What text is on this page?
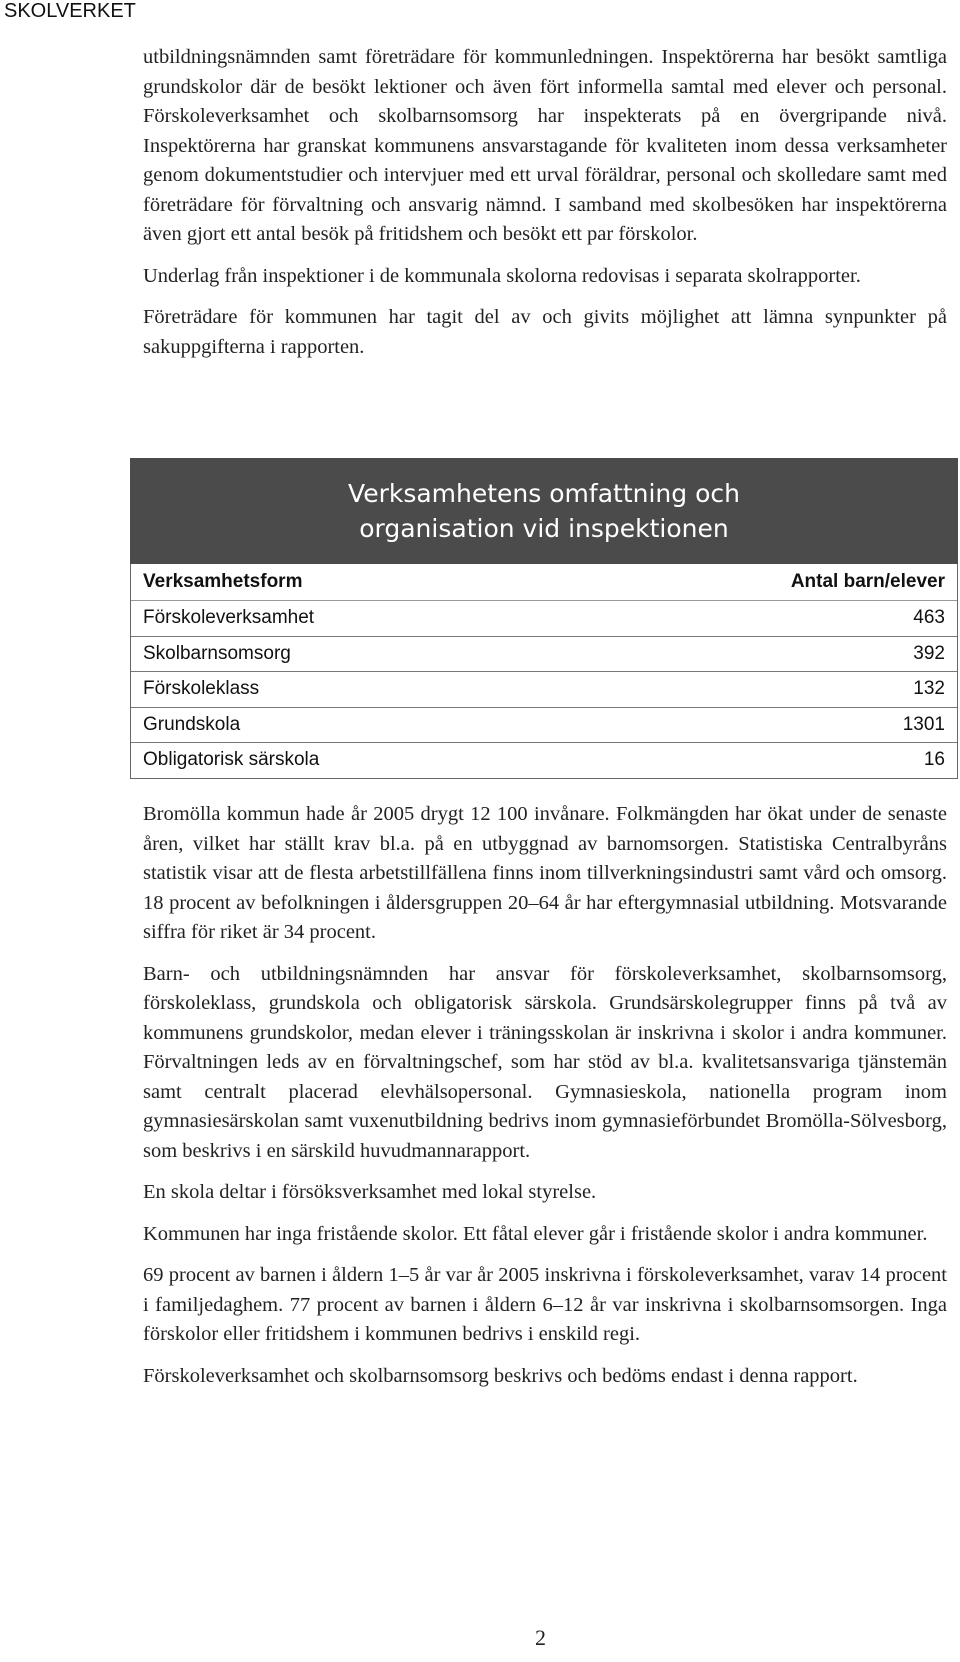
SKOLVERKET

utbildningsnämnden samt företrädare för kommunledningen. Inspektörerna har besökt samtliga grundskolor där de besökt lektioner och även fört informella samtal med elever och personal. Förskoleverksamhet och skolbarnsomsorg har inspekterats på en övergripande nivå. Inspektörerna har granskat kommunens ansvarstagande för kvaliteten inom dessa verksamheter genom dokumentstudier och intervjuer med ett urval föräldrar, personal och skolledare samt med företrädare för förvaltning och ansvarig nämnd. I samband med skolbesöken har inspektörerna även gjort ett antal besök på fritidshem och besökt ett par förskolor.

Underlag från inspektioner i de kommunala skolorna redovisas i separata skolrapporter.

Företrädare för kommunen har tagit del av och givits möjlighet att lämna synpunkter på sakuppgifterna i rapporten.

Verksamhetens omfattning och organisation vid inspektionen
Verksamhetsform	Antal barn/elever
Förskoleverksamhet	463
Skolbarnsomsorg	392
Förskoleklass	132
Grundskola	1301
Obligatorisk särskola	16

Bromölla kommun hade år 2005 drygt 12 100 invånare. Folkmängden har ökat under de senaste åren, vilket har ställt krav bl.a. på en utbyggnad av barnomsorgen. Statistiska Centralbyråns statistik visar att de flesta arbetstillfällena finns inom tillverkningsindustri samt vård och omsorg. 18 procent av befolkningen i åldersgruppen 20–64 år har eftergymnasial utbildning. Motsvarande siffra för riket är 34 procent.

Barn- och utbildningsnämnden har ansvar för förskoleverksamhet, skolbarnsomsorg, förskoleklass, grundskola och obligatorisk särskola. Grundsärskolegrupper finns på två av kommunens grundskolor, medan elever i träningsskolan är inskrivna i skolor i andra kommuner. Förvaltningen leds av en förvaltningschef, som har stöd av bl.a. kvalitetsansvariga tjänstemän samt centralt placerad elevhälsopersonal. Gymnasieskola, nationella program inom gymnasiesärskolan samt vuxenutbildning bedrivs inom gymnasieförbundet Bromölla-Sölvesborg, som beskrivs i en särskild huvudmannarapport.

En skola deltar i försöksverksamhet med lokal styrelse.

Kommunen har inga fristående skolor. Ett fåtal elever går i fristående skolor i andra kommuner.

69 procent av barnen i åldern 1–5 år var år 2005 inskrivna i förskoleverksamhet, varav 14 procent i familjedaghem. 77 procent av barnen i åldern 6–12 år var inskrivna i skolbarnsomsorgen. Inga förskolor eller fritidshem i kommunen bedrivs i enskild regi.

Förskoleverksamhet och skolbarnsomsorg beskrivs och bedöms endast i denna rapport.

2
